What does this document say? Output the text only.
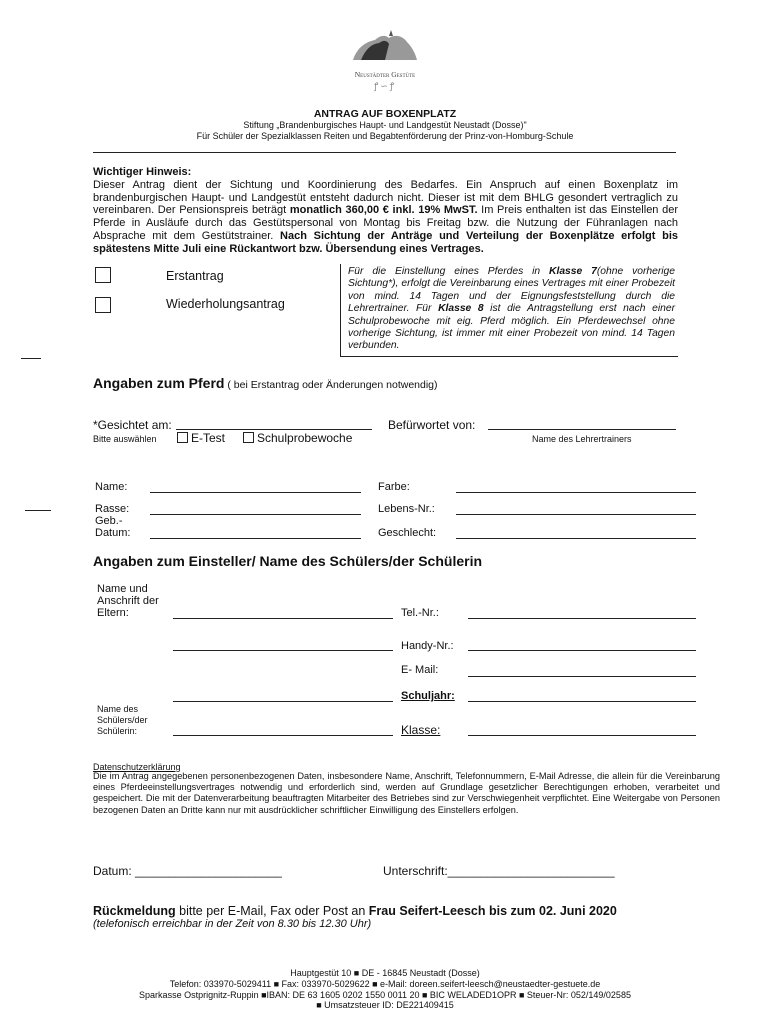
Neustädter Gestüte
ꝭ∽ꝭ
ANTRAG AUF BOXENPLATZ
Stiftung „Brandenburgisches Haupt- und Landgestüt Neustadt (Dosse)"
Für Schüler der Spezialklassen Reiten und Begabtenförderung der Prinz-von-Homburg-Schule
Wichtiger Hinweis:
Dieser Antrag dient der Sichtung und Koordinierung des Bedarfes. Ein Anspruch auf einen Boxenplatz im brandenburgischen Haupt- und Landgestüt entsteht dadurch nicht. Dieser ist mit dem BHLG gesondert vertraglich zu vereinbaren. Der Pensionspreis beträgt monatlich 360,00 € inkl. 19% MwST. Im Preis enthalten ist das Einstellen der Pferde in Ausläufe durch das Gestütspersonal von Montag bis Freitag bzw. die Nutzung der Führanlagen nach Absprache mit dem Gestütstrainer. Nach Sichtung der Anträge und Verteilung der Boxenplätze erfolgt bis spätestens Mitte Juli eine Rückantwort bzw. Übersendung eines Vertrages.
Erstantrag
Wiederholungsantrag
Für die Einstellung eines Pferdes in Klasse 7(ohne vorherige Sichtung*), erfolgt die Vereinbarung eines Vertrages mit einer Probezeit von mind. 14 Tagen und der Eignungsfeststellung durch die Lehrertrainer. Für Klasse 8 ist die Antragstellung erst nach einer Schulprobewoche mit eig. Pferd möglich. Ein Pferdewechsel ohne vorherige Sichtung, ist immer mit einer Probezeit von mind. 14 Tagen verbunden.
Angaben zum Pferd ( bei Erstantrag oder Änderungen notwendig)
*Gesichtet am:
Bitte auswählen	E-Test	Schulprobewoche
Befürwortet von:
Name des Lehrertrainers
Name:	Farbe:
Rasse:	Lebens-Nr.:
Geb.-
Datum:	Geschlecht:
Angaben zum Einsteller/ Name des Schülers/der Schülerin
Name und
Anschrift der
Eltern:	Tel.-Nr.:
Handy-Nr.:
E- Mail:
Schuljahr:
Name des
Schülers/der
Schülerin:	Klasse:
Datenschutzerklärung
Die im Antrag angegebenen personenbezogenen Daten, insbesondere Name, Anschrift, Telefonnummern, E-Mail Adresse, die allein für die Vereinbarung eines Pferdeeinstellungsvertrages notwendig und erforderlich sind, werden auf Grundlage gesetzlicher Berechtigungen erhoben, verarbeitet und gespeichert. Die mit der Datenverarbeitung beauftragten Mitarbeiter des Betriebes sind zur Verschwiegenheit verpflichtet. Eine Weitergabe von Personen bezogenen Daten an Dritte kann nur mit ausdrücklicher schriftlicher Einwilligung des Einstellers erfolgen.
Datum: ______________________	Unterschrift:_________________________
Rückmeldung bitte per E-Mail, Fax oder Post an Frau Seifert-Leesch bis zum 02. Juni 2020
(telefonisch erreichbar in der Zeit von 8.30 bis 12.30 Uhr)
Hauptgestüt 10 ■ DE - 16845 Neustadt (Dosse)
Telefon: 033970-5029411 ■ Fax: 033970-5029622 ■ e-Mail: doreen.seifert-leesch@neustaedter-gestuete.de
Sparkasse Ostprignitz-Ruppin ■IBAN: DE 63 1605 0202 1550 0011 20 ■ BIC WELADED1OPR ■ Steuer-Nr: 052/149/02585
■ Umsatzsteuer ID: DE221409415
